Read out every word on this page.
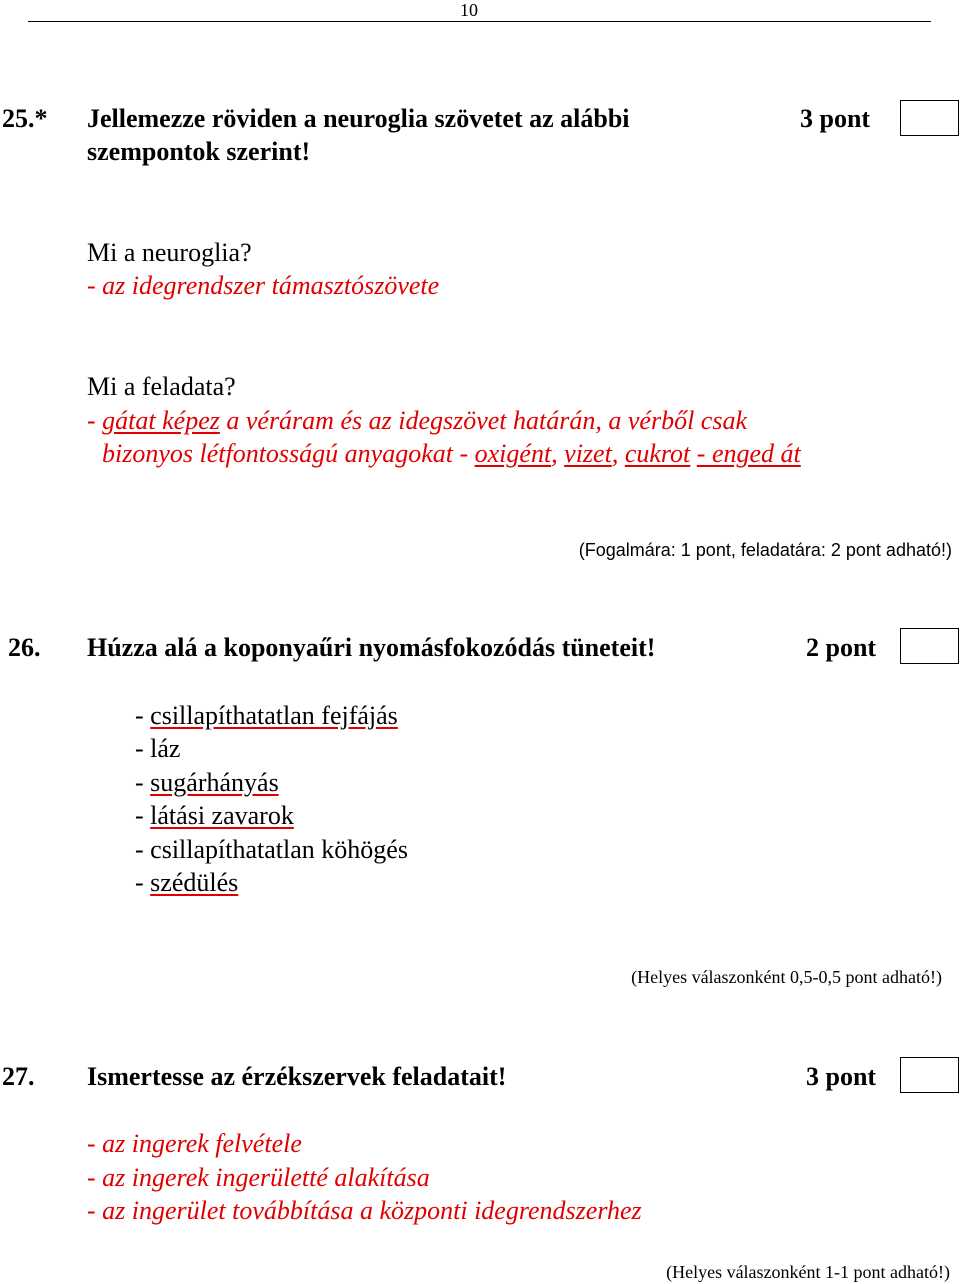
10
25.* Jellemezze röviden a neuroglia szövetet az alábbi
szempontok szerint!
3 pont
Mi a neuroglia?
- az idegrendszer támasztószövete
Mi a feladata?
- gátat képez a véráram és az idegszövet határán, a vérből csak
bizonyos létfontosságú anyagokat - oxigént, vizet, cukrot - enged át
(Fogalmára: 1 pont, feladatára: 2 pont adható!)
26. Húzza alá a koponyaűri nyomásfokozódás tüneteit!	2 pont
- csillapíthatatlan fejfájás
- láz
- sugárhányás
- látási zavarok
- csillapíthatatlan köhögés
- szédülés
(Helyes válaszonként 0,5-0,5 pont adható!)
27. Ismertesse az érzékszervek feladatait!	3 pont
- az ingerek felvétele
- az ingerek ingerületté alakítása
- az ingerület továbbítása a központi idegrendszerhez
(Helyes válaszonként 1-1 pont adható!)
